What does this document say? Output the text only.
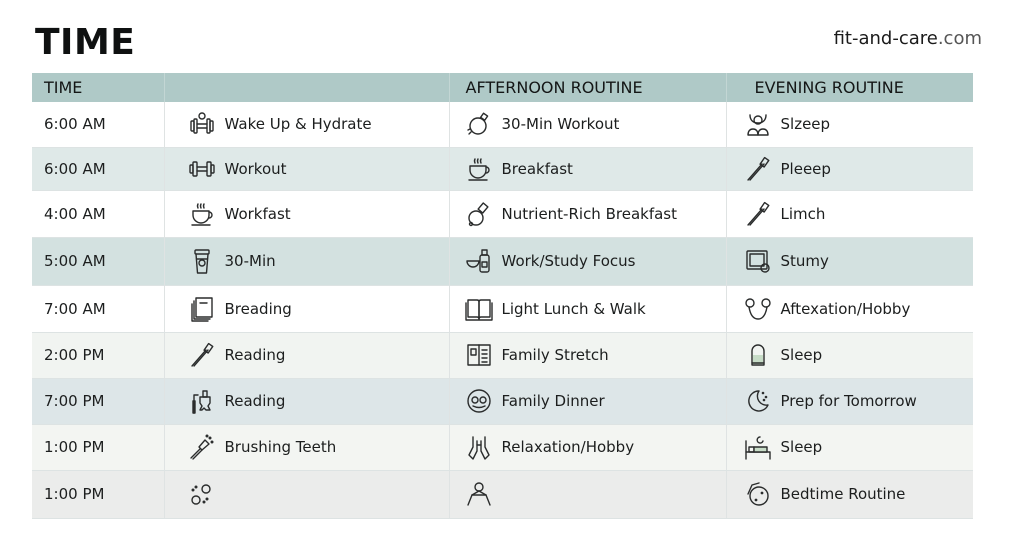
TIME	fit-and-care.com
TIME		AFTERNOON ROUTINE	EVENING ROUTINE
6:00 AM	Wake Up & Hydrate	30-Min Workout	Slzeep

6:00 AM	Workout	Breakfast	Pleeep

4:00 AM	Workfast	Nutrient-Rich Breakfast	Limch

5:00 AM	30-Min	Work/Study Focus	Stumy

7:00 AM	Breading	Light Lunch & Walk	Aftexation/Hobby

2:00 PM	Reading	Family Stretch	Sleep

7:00 PM	Reading	Family Dinner	Prep for Tomorrow

1:00 PM	Brushing Teeth	Relaxation/Hobby	Sleep

1:00 PM			Bedtime Routine
